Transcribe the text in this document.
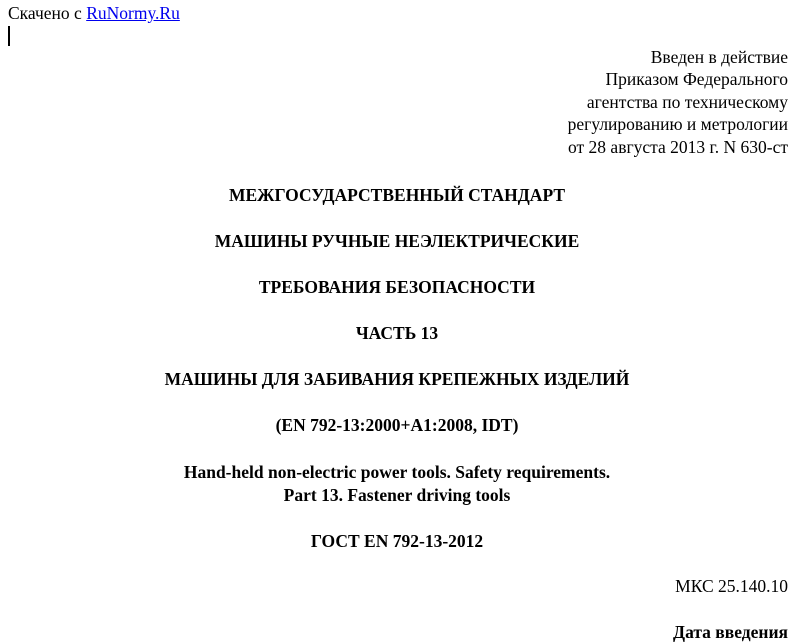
Скачено с RuNormy.Ru
Введен в действие
Приказом Федерального
агентства по техническому
регулированию и метрологии
от 28 августа 2013 г. N 630-ст
МЕЖГОСУДАРСТВЕННЫЙ СТАНДАРТ
МАШИНЫ РУЧНЫЕ НЕЭЛЕКТРИЧЕСКИЕ
ТРЕБОВАНИЯ БЕЗОПАСНОСТИ
ЧАСТЬ 13
МАШИНЫ ДЛЯ ЗАБИВАНИЯ КРЕПЕЖНЫХ ИЗДЕЛИЙ
(EN 792-13:2000+A1:2008, IDT)
Hand-held non-electric power tools. Safety requirements.
Part 13. Fastener driving tools
ГОСТ EN 792-13-2012
МКС 25.140.10
Дата введения
